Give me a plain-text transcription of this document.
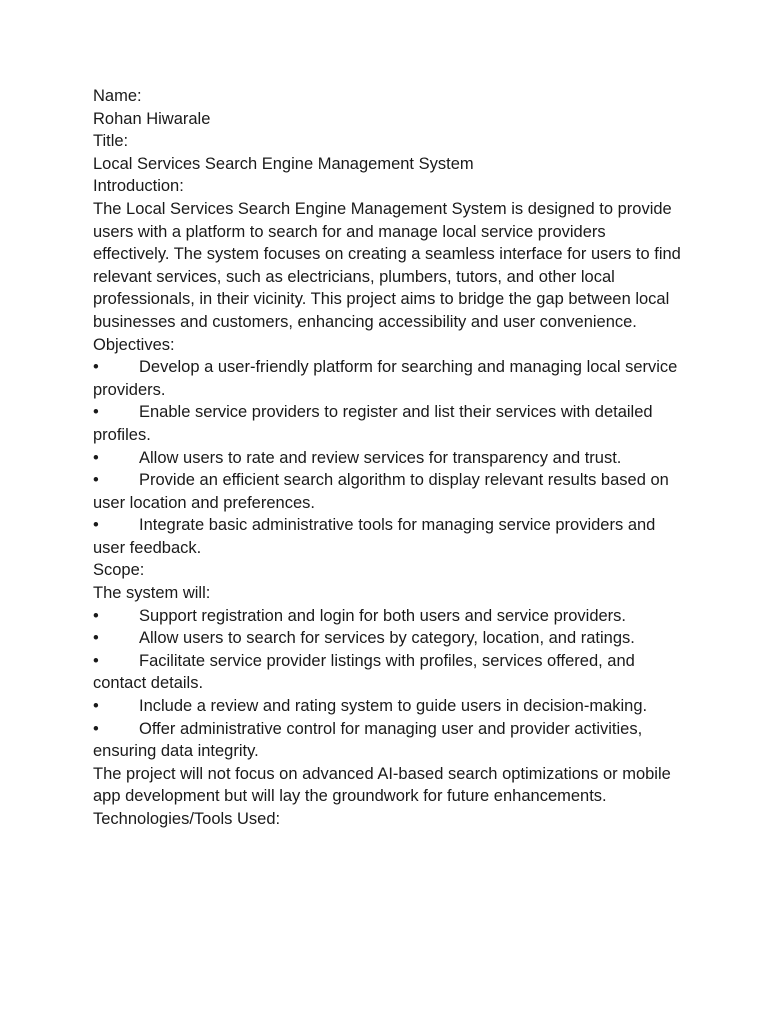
Name:

Rohan Hiwarale

Title:

Local Services Search Engine Management System

Introduction:

The Local Services Search Engine Management System is designed to provide users with a platform to search for and manage local service providers effectively. The system focuses on creating a seamless interface for users to find relevant services, such as electricians, plumbers, tutors, and other local professionals, in their vicinity. This project aims to bridge the gap between local businesses and customers, enhancing accessibility and user convenience.

Objectives:

• Develop a user-friendly platform for searching and managing local service providers.

• Enable service providers to register and list their services with detailed profiles.

• Allow users to rate and review services for transparency and trust.

• Provide an efficient search algorithm to display relevant results based on user location and preferences.

• Integrate basic administrative tools for managing service providers and user feedback.

Scope:

The system will:

• Support registration and login for both users and service providers.

• Allow users to search for services by category, location, and ratings.

• Facilitate service provider listings with profiles, services offered, and contact details.

• Include a review and rating system to guide users in decision-making.

• Offer administrative control for managing user and provider activities, ensuring data integrity.

The project will not focus on advanced AI-based search optimizations or mobile app development but will lay the groundwork for future enhancements.

Technologies/Tools Used:
